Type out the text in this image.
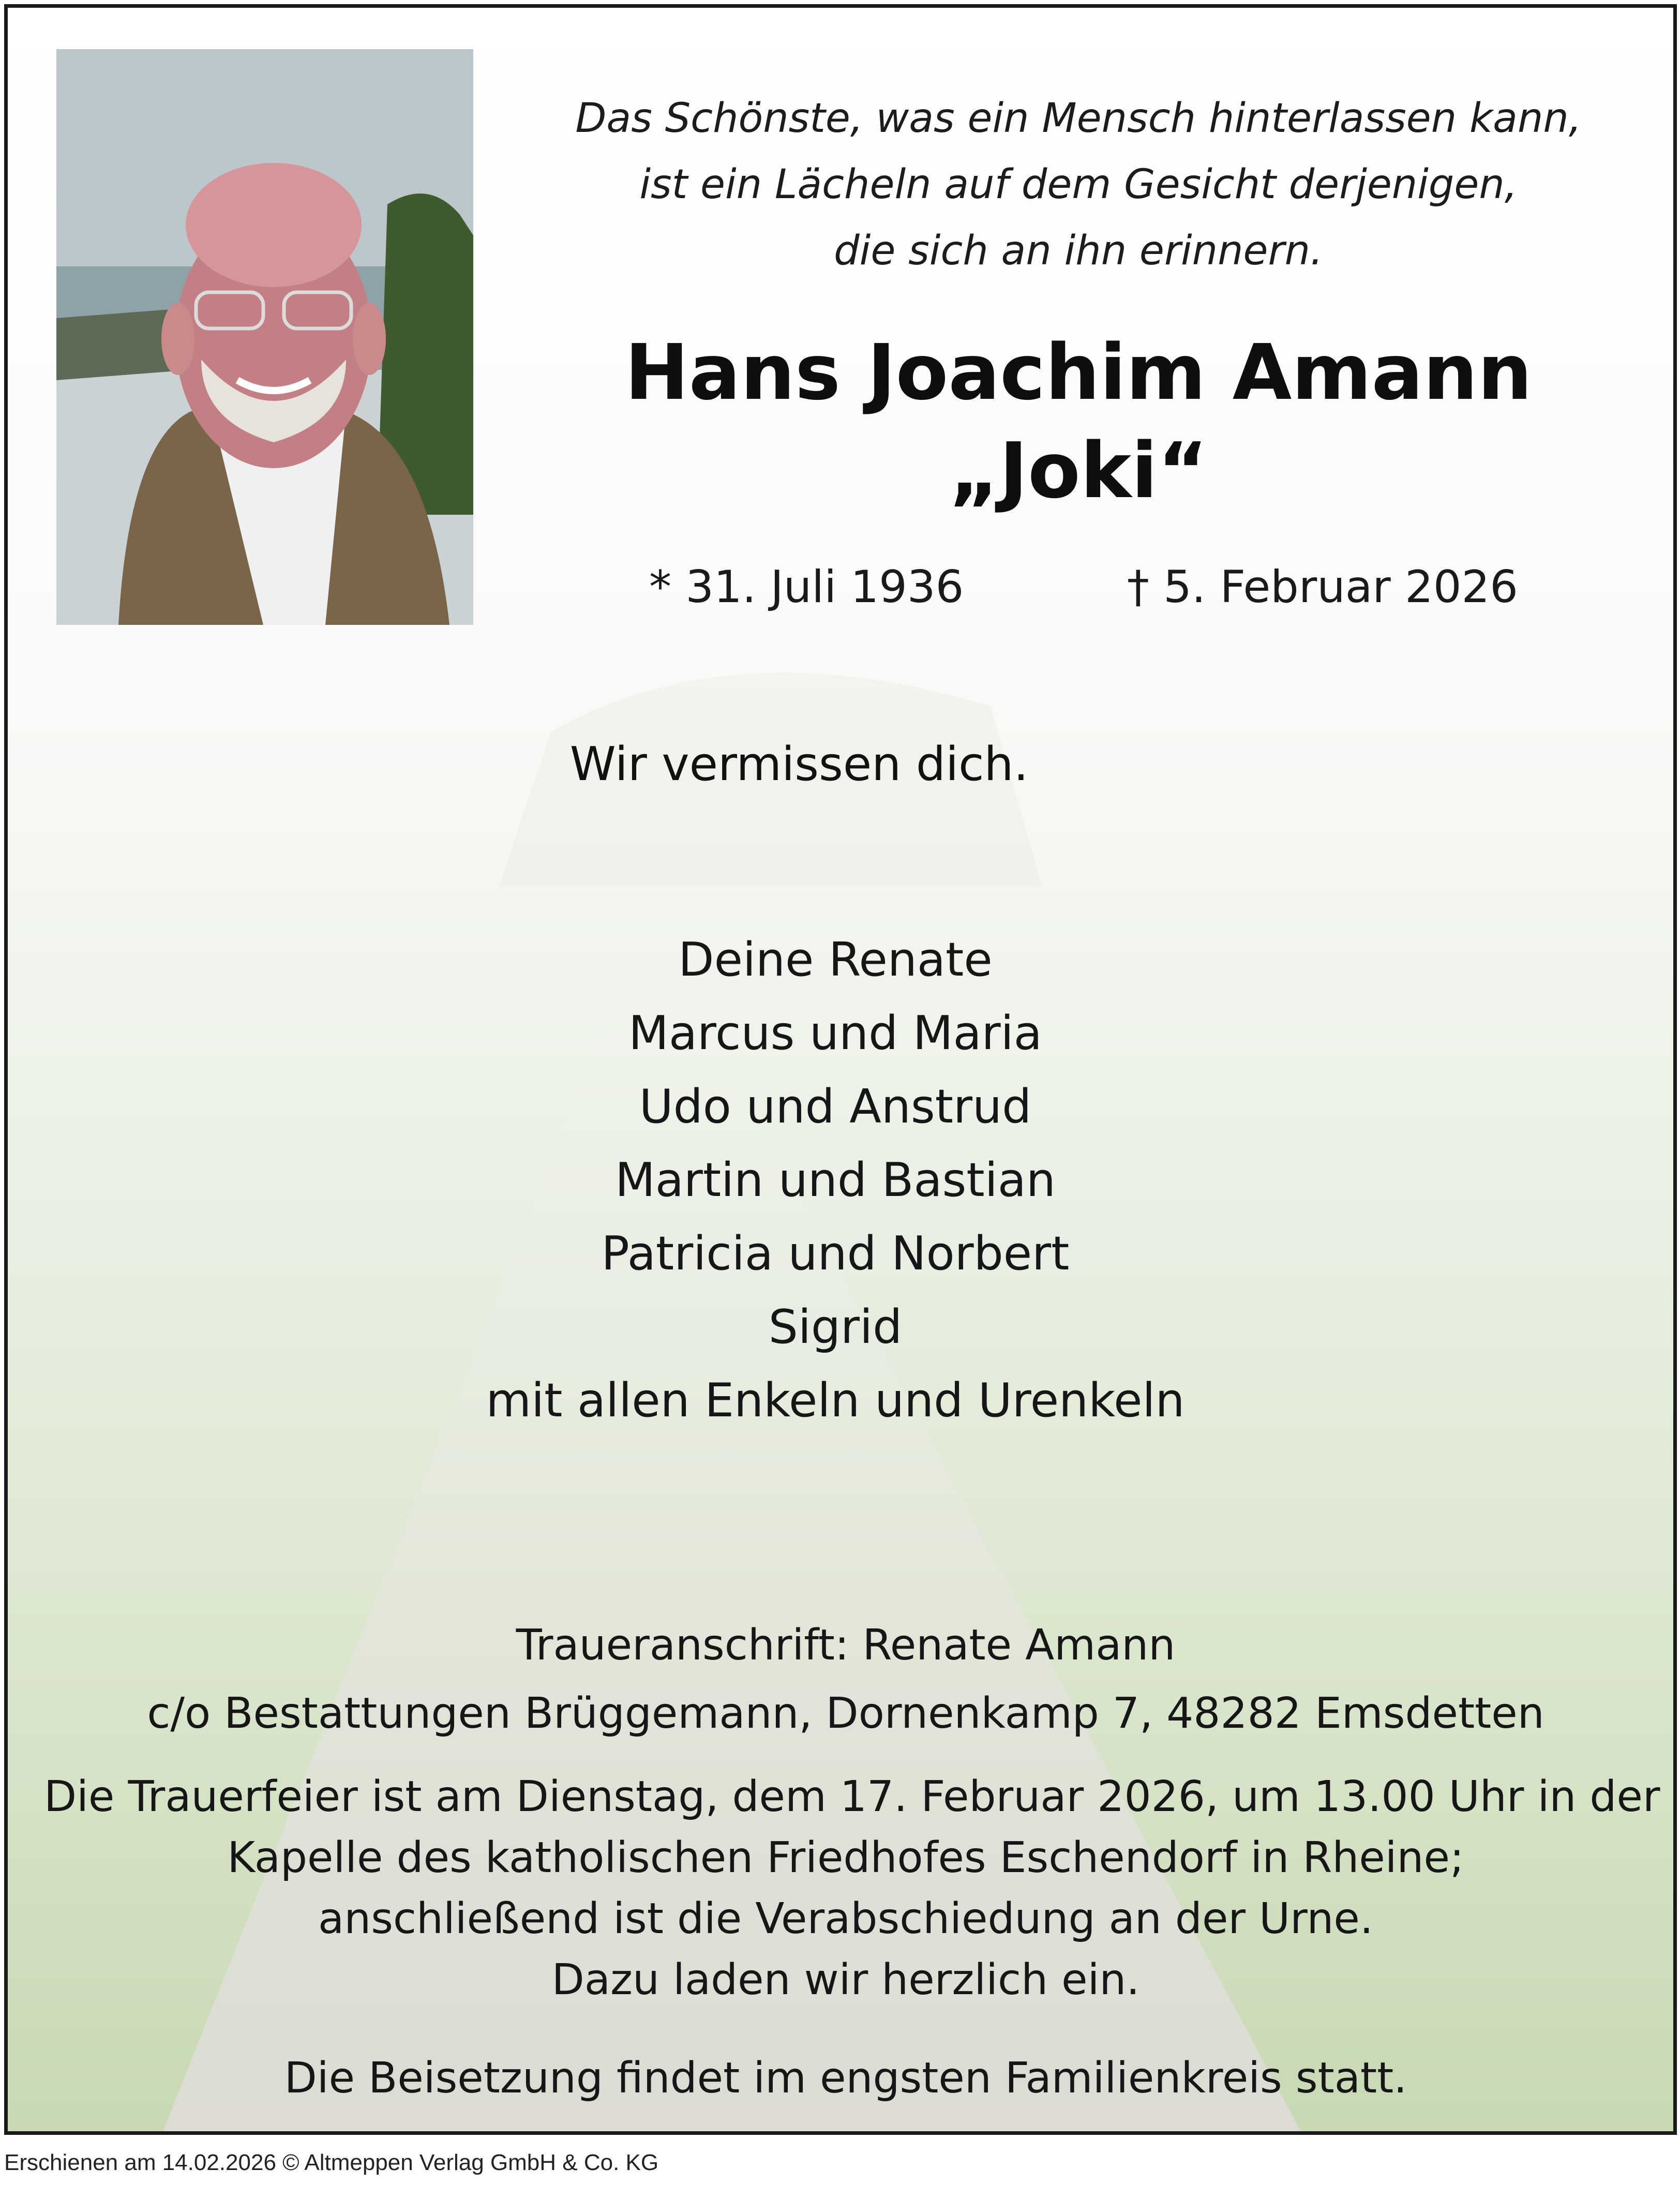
Das Schönste, was ein Mensch hinterlassen kann,
ist ein Lächeln auf dem Gesicht derjenigen,
die sich an ihn erinnern.
Hans Joachim Amann
„Joki“
* 31. Juli 1936	† 5. Februar 2026
Wir vermissen dich.
Deine Renate
Marcus und Maria
Udo und Anstrud
Martin und Bastian
Patricia und Norbert
Sigrid
mit allen Enkeln und Urenkeln
Traueranschrift: Renate Amann
c/o Bestattungen Brüggemann, Dornenkamp 7, 48282 Emsdetten
Die Trauerfeier ist am Dienstag, dem 17. Februar 2026, um 13.00 Uhr in der
Kapelle des katholischen Friedhofes Eschendorf in Rheine;
anschließend ist die Verabschiedung an der Urne.
Dazu laden wir herzlich ein.
Die Beisetzung findet im engsten Familienkreis statt.
Erschienen am 14.02.2026 © Altmeppen Verlag GmbH & Co. KG
